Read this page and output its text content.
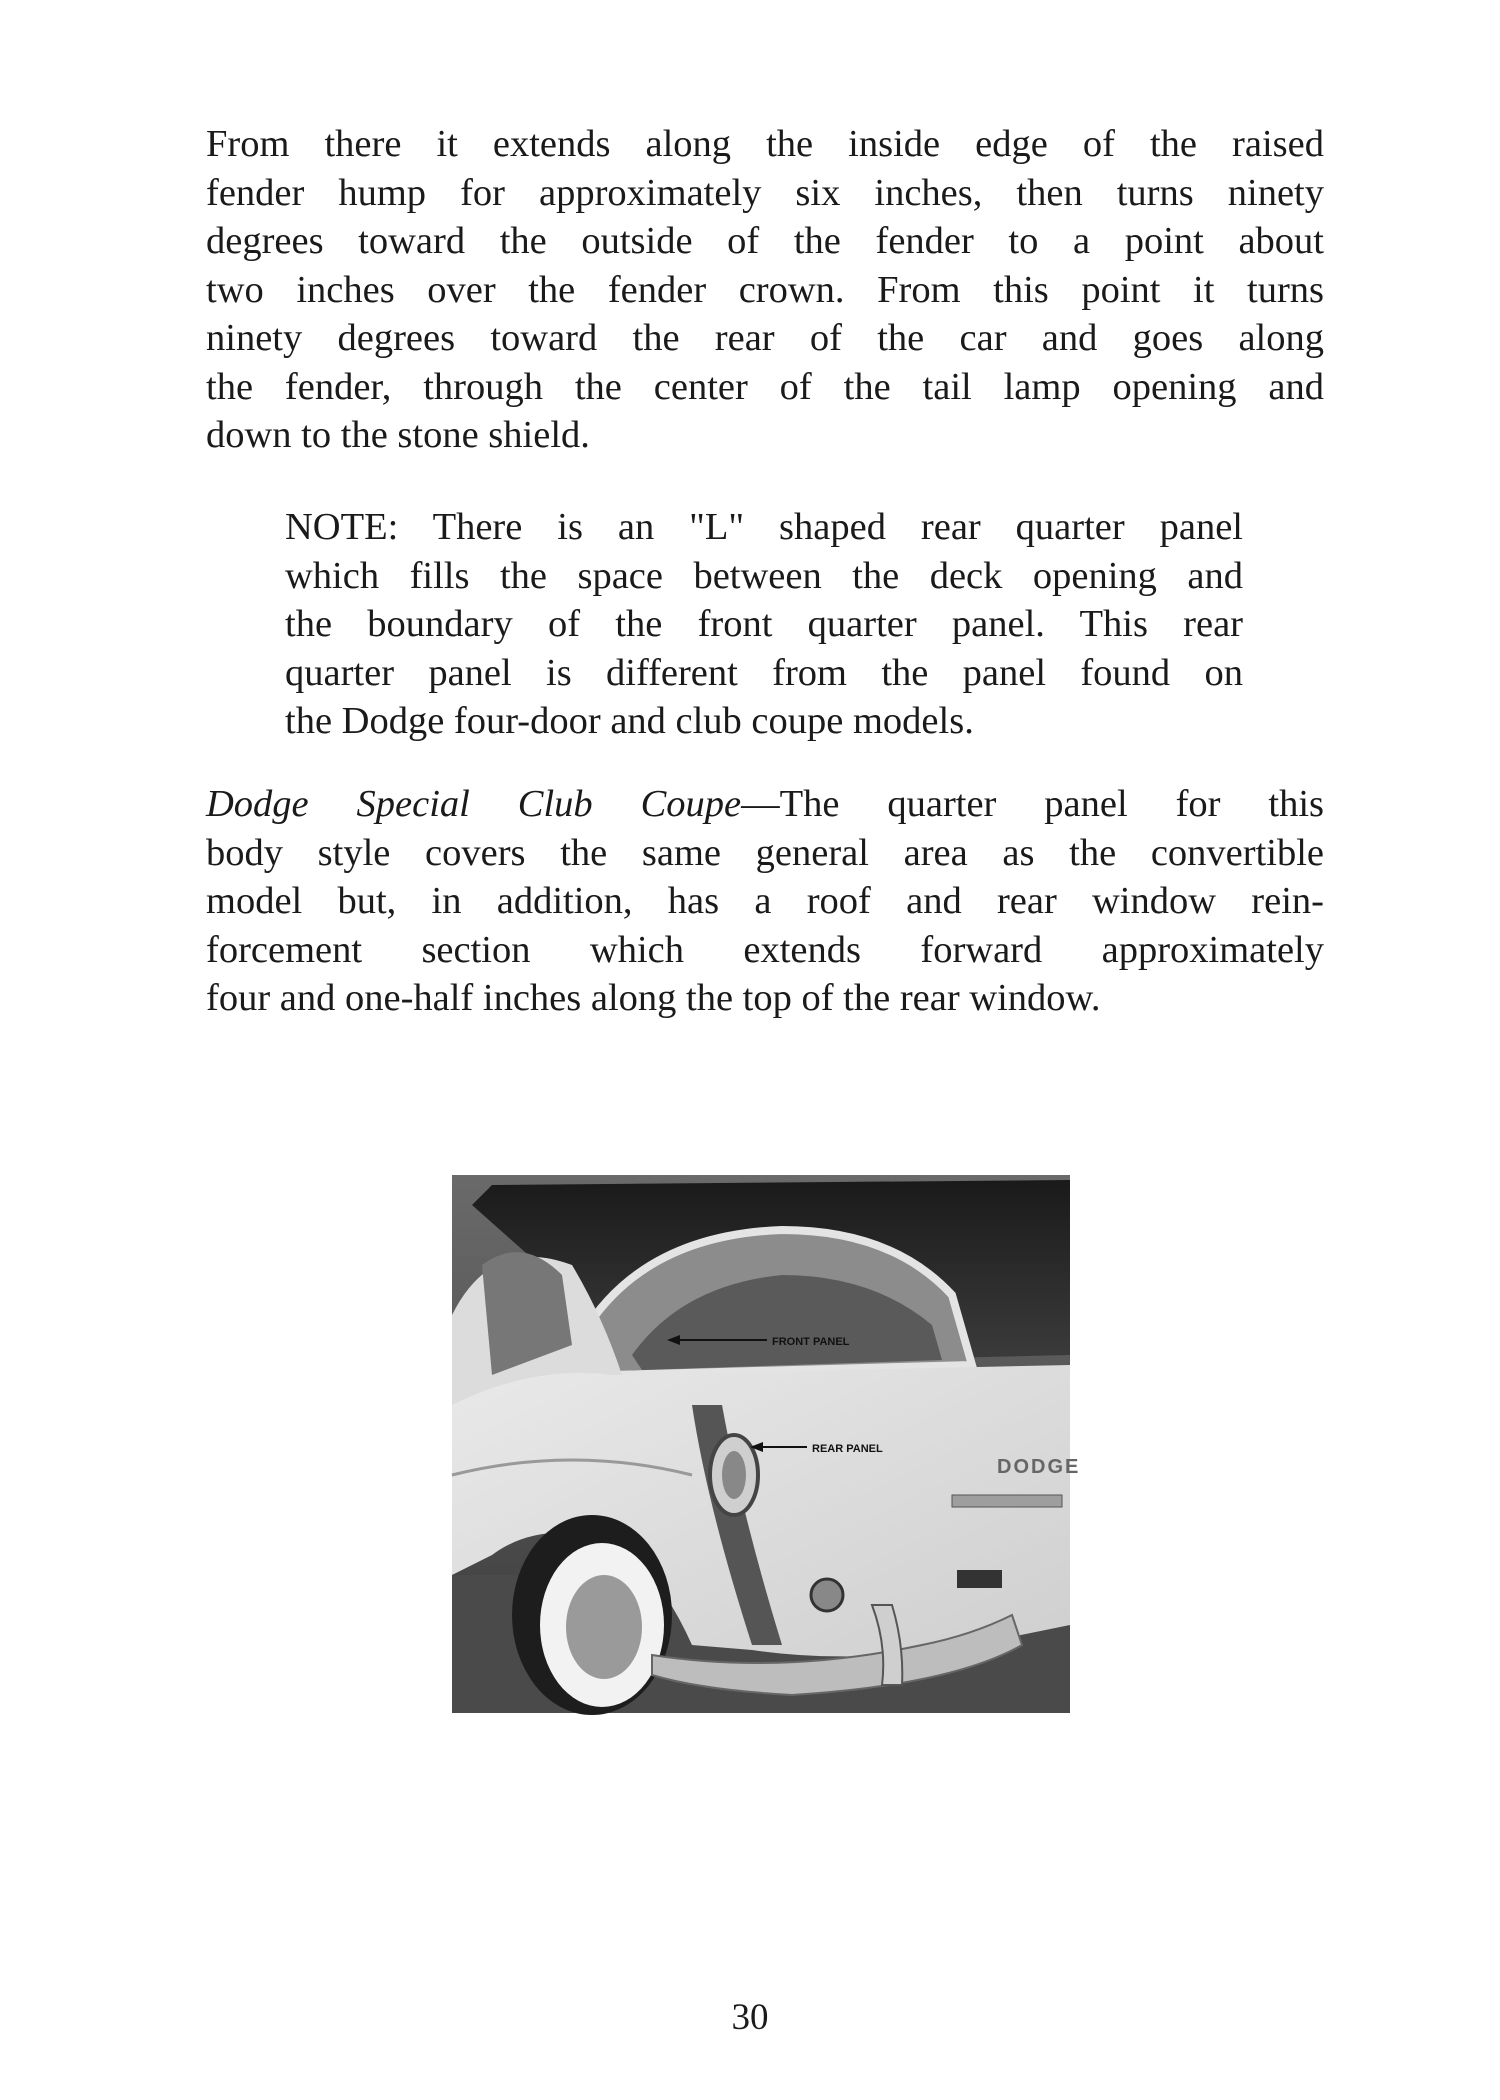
From there it extends along the inside edge of the raised
fender hump for approximately six inches, then turns ninety
degrees toward the outside of the fender to a point about
two inches over the fender crown. From this point it turns
ninety degrees toward the rear of the car and goes along
the fender, through the center of the tail lamp opening and
down to the stone shield.
NOTE: There is an "L" shaped rear quarter panel
which fills the space between the deck opening and
the boundary of the front quarter panel. This rear
quarter panel is different from the panel found on
the Dodge four-door and club coupe models.
Dodge Special Club Coupe—The quarter panel for this
body style covers the same general area as the convertible
model but, in addition, has a roof and rear window rein-
forcement section which extends forward approximately
four and one-half inches along the top of the rear window.
FRONT PANEL
REAR PANEL
DODGE
30
